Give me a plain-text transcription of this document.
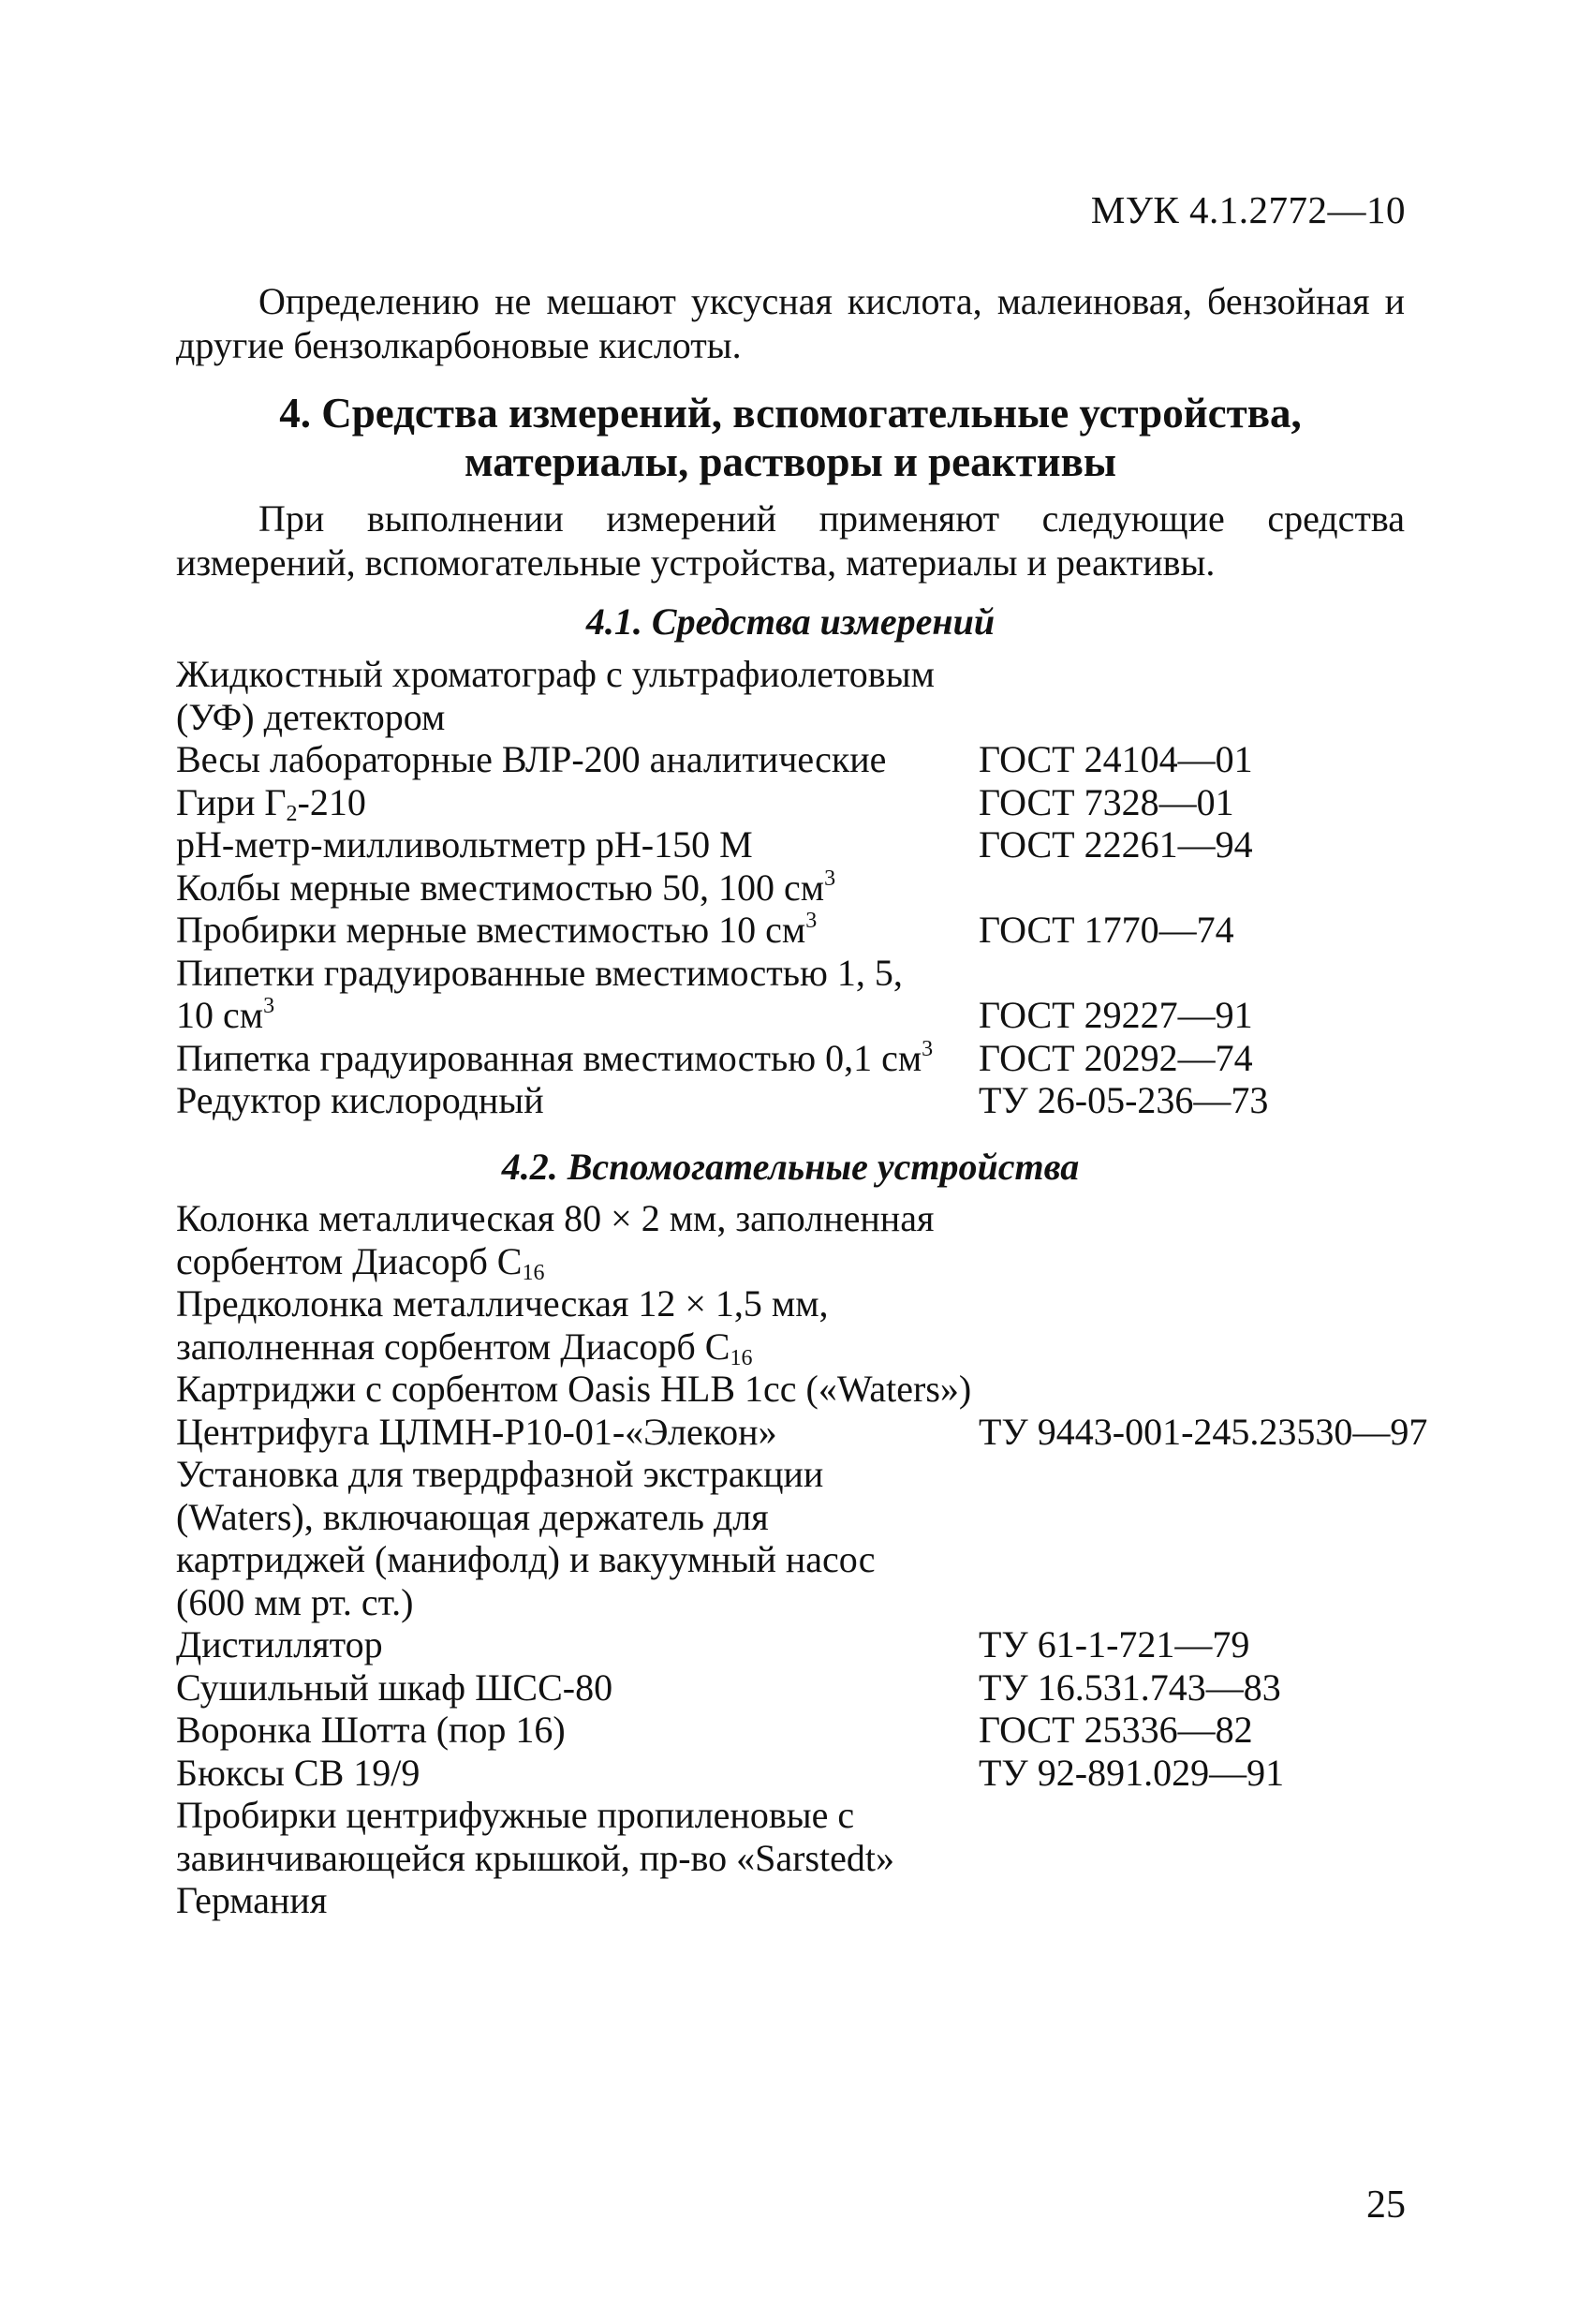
МУК 4.1.2772—10
Определению не мешают уксусная кислота, малеиновая, бензойная и другие бензолкарбоновые кислоты.
4. Средства измерений, вспомогательные устройства,
материалы, растворы и реактивы
При выполнении измерений применяют следующие средства измерений, вспомогательные устройства, материалы и реактивы.
4.1. Средства измерений
Жидкостный хроматограф с ультрафиолетовым
(УФ) детектором
Весы лабораторные ВЛР-200 аналитические	ГОСТ 24104—01
Гири $Г_2-210$	ГОСТ 7328—01
рН-метр-милливольтметр рН-150 М	ГОСТ 22261—94
Колбы мерные вместимостью 50, 100 $см^3$
Пробирки мерные вместимостью 10 $см^3$	ГОСТ 1770—74
Пипетки градуированные вместимостью 1, 5,
10 $см^3$	ГОСТ 29227—91
Пипетка градуированная вместимостью 0,1 $см^3$	ГОСТ 20292—74
Редуктор кислородный	ТУ 26-05-236—73
4.2. Вспомогательные устройства
Колонка металлическая 80 × 2 мм, заполненная
сорбентом Диасорб $С_{16}$
Предколонка металлическая 12 × 1,5 мм,
заполненная сорбентом Диасорб $С_{16}$
Картриджи с сорбентом Oasis HLB 1cc («Waters»)
Центрифуга ЦЛМН-Р10-01-«Элекон»	ТУ 9443-001-245.23530—97
Установка для твердрфазной экстракции
(Waters), включающая держатель для
картриджей (манифолд) и вакуумный насос
(600 мм рт. ст.)
Дистиллятор	ТУ 61-1-721—79
Сушильный шкаф ШСС-80	ТУ 16.531.743—83
Воронка Шотта (пор 16)	ГОСТ 25336—82
Бюксы СВ 19/9	ТУ 92-891.029—91
Пробирки центрифужные пропиленовые с
завинчивающейся крышкой, пр-во «Sarstedt»
Германия
25
